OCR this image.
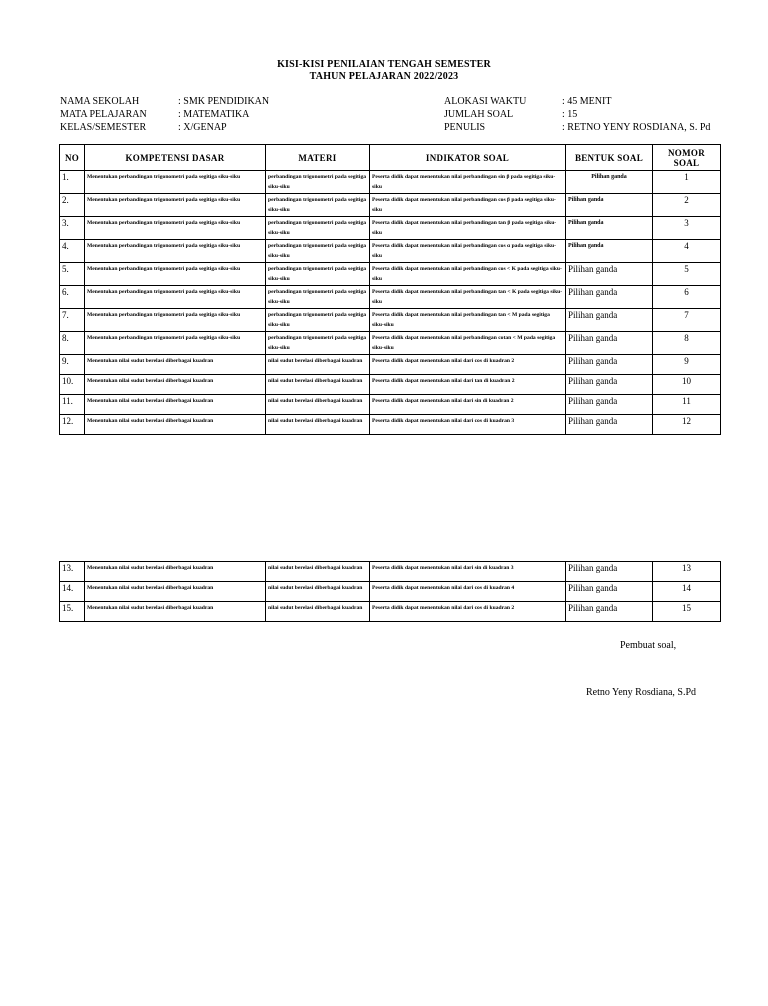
KISI-KISI PENILAIAN TENGAH SEMESTER
TAHUN PELAJARAN 2022/2023
NAMA SEKOLAH	: SMK PENDIDIKAN
MATA PELAJARAN	: MATEMATIKA
KELAS/SEMESTER	: X/GENAP
ALOKASI WAKTU	: 45 MENIT
JUMLAH SOAL	: 15
PENULIS	: RETNO YENY ROSDIANA, S. Pd
NO	KOMPETENSI DASAR	MATERI	INDIKATOR SOAL	BENTUK SOAL	NOMOR SOAL
1.	Menentukan perbandingan trigonometri pada segitiga siku-siku	perbandingan trigonometri pada segitiga siku-siku	Peserta didik dapat menentukan nilai perbandingan sin β pada segitiga siku-siku	Pilihan ganda	1
2.	Menentukan perbandingan trigonometri pada segitiga siku-siku	perbandingan trigonometri pada segitiga siku-siku	Peserta didik dapat menentukan nilai perbandingan cos β pada segitiga siku-siku	Pilihan ganda	2
3.	Menentukan perbandingan trigonometri pada segitiga siku-siku	perbandingan trigonometri pada segitiga siku-siku	Peserta didik dapat menentukan nilai perbandingan tan β pada segitiga siku-siku	Pilihan ganda	3
4.	Menentukan perbandingan trigonometri pada segitiga siku-siku	perbandingan trigonometri pada segitiga siku-siku	Peserta didik dapat menentukan nilai perbandingan cos α pada segitiga siku-siku	Pilihan ganda	4
5.	Menentukan perbandingan trigonometri pada segitiga siku-siku	perbandingan trigonometri pada segitiga siku-siku	Peserta didik dapat menentukan nilai perbandingan cos < K pada segitiga siku-siku	Pilihan ganda	5
6.	Menentukan perbandingan trigonometri pada segitiga siku-siku	perbandingan trigonometri pada segitiga siku-siku	Peserta didik dapat menentukan nilai perbandingan tan < K pada segitiga siku-siku	Pilihan ganda	6
7.	Menentukan perbandingan trigonometri pada segitiga siku-siku	perbandingan trigonometri pada segitiga siku-siku	Peserta didik dapat menentukan nilai perbandingan tan < M pada segitiga siku-siku	Pilihan ganda	7
8.	Menentukan perbandingan trigonometri pada segitiga siku-siku	perbandingan trigonometri pada segitiga siku-siku	Peserta didik dapat menentukan nilai perbandingan cotan < M pada segitiga siku-siku	Pilihan ganda	8
9.	Menentukan nilai sudut berelasi diberbagai kuadran	nilai sudut berelasi diberbagai kuadran	Peserta didik dapat menentukan nilai dari cos di kuadran 2	Pilihan ganda	9
10.	Menentukan nilai sudut berelasi diberbagai kuadran	nilai sudut berelasi diberbagai kuadran	Peserta didik dapat menentukan nilai dari tan di kuadran 2	Pilihan ganda	10
11.	Menentukan nilai sudut berelasi diberbagai kuadran	nilai sudut berelasi diberbagai kuadran	Peserta didik dapat menentukan nilai dari sin di kuadran 2	Pilihan ganda	11
12.	Menentukan nilai sudut berelasi diberbagai kuadran	nilai sudut berelasi diberbagai kuadran	Peserta didik dapat menentukan nilai dari cos di kuadran 3	Pilihan ganda	12
13.	Menentukan nilai sudut berelasi diberbagai kuadran	nilai sudut berelasi diberbagai kuadran	Peserta didik dapat menentukan nilai dari sin di kuadran 3	Pilihan ganda	13
14.	Menentukan nilai sudut berelasi diberbagai kuadran	nilai sudut berelasi diberbagai kuadran	Peserta didik dapat menentukan nilai dari cos di kuadran 4	Pilihan ganda	14
15.	Menentukan nilai sudut berelasi diberbagai kuadran	nilai sudut berelasi diberbagai kuadran	Peserta didik dapat menentukan nilai dari cos di kuadran 2	Pilihan ganda	15
Pembuat soal,
Retno Yeny Rosdiana, S.Pd
